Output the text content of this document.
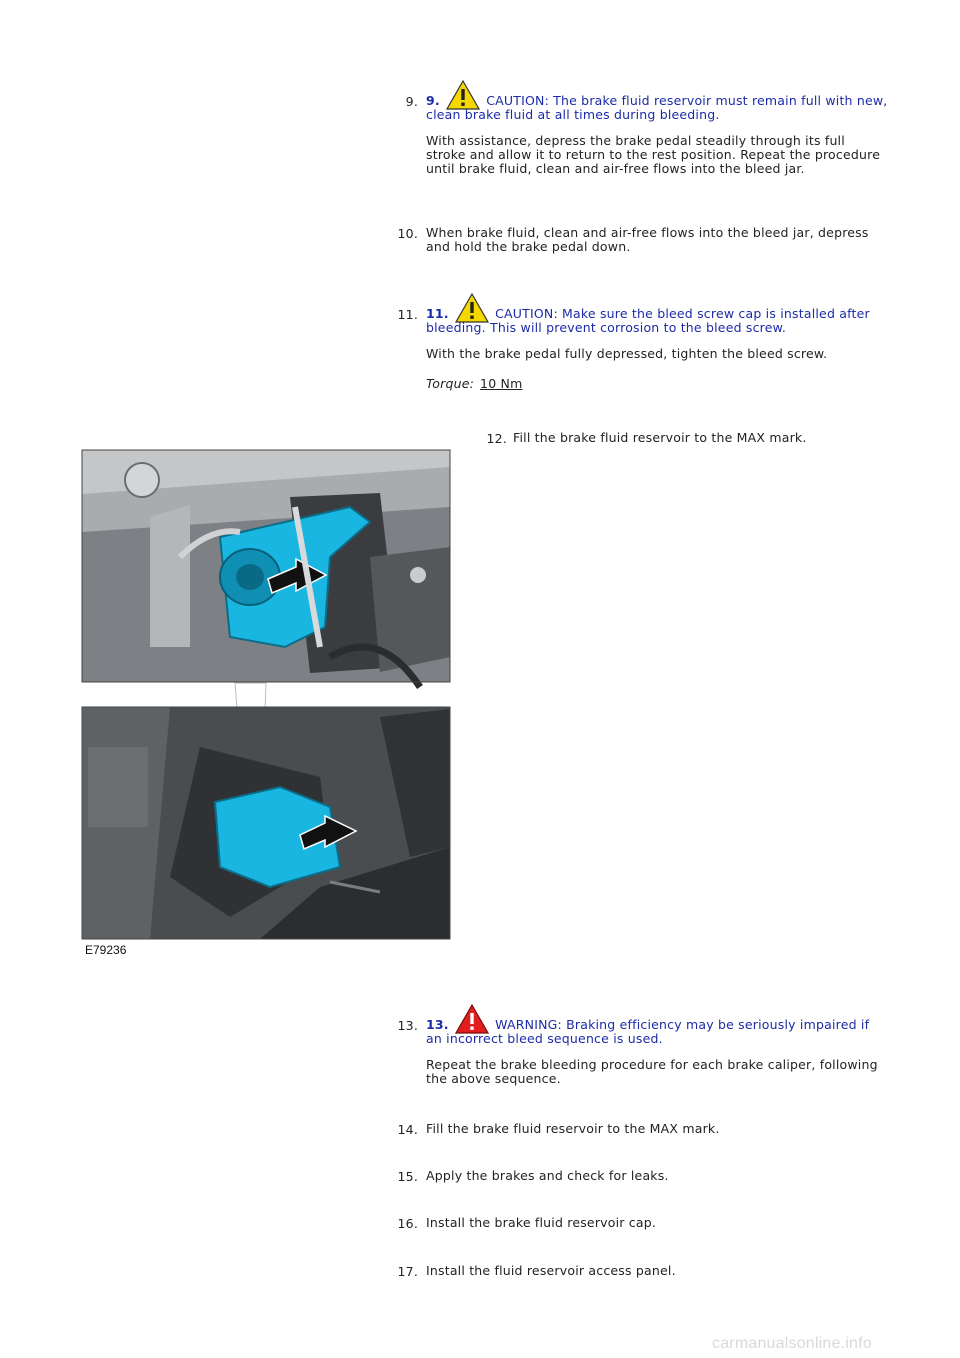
9. 9.	CAUTION: The brake fluid reservoir must remain full with new, clean brake fluid at all times during bleeding.

With assistance, depress the brake pedal steadily through its full stroke and allow it to return to the rest position. Repeat the procedure until brake fluid, clean and air-free flows into the bleed jar.

10. When brake fluid, clean and air-free flows into the bleed jar, depress and hold the brake pedal down.

11. 11.	CAUTION: Make sure the bleed screw cap is installed after bleeding. This will prevent corrosion to the bleed screw.

With the brake pedal fully depressed, tighten the bleed screw.

Torque: 10 Nm

12. Fill the brake fluid reservoir to the MAX mark.

E79236
13. 13.	WARNING: Braking efficiency may be seriously impaired if an incorrect bleed sequence is used.

Repeat the brake bleeding procedure for each brake caliper, following the above sequence.

14. Fill the brake fluid reservoir to the MAX mark.

15. Apply the brakes and check for leaks.

16. Install the brake fluid reservoir cap.

17. Install the fluid reservoir access panel.

carmanualsonline.info
